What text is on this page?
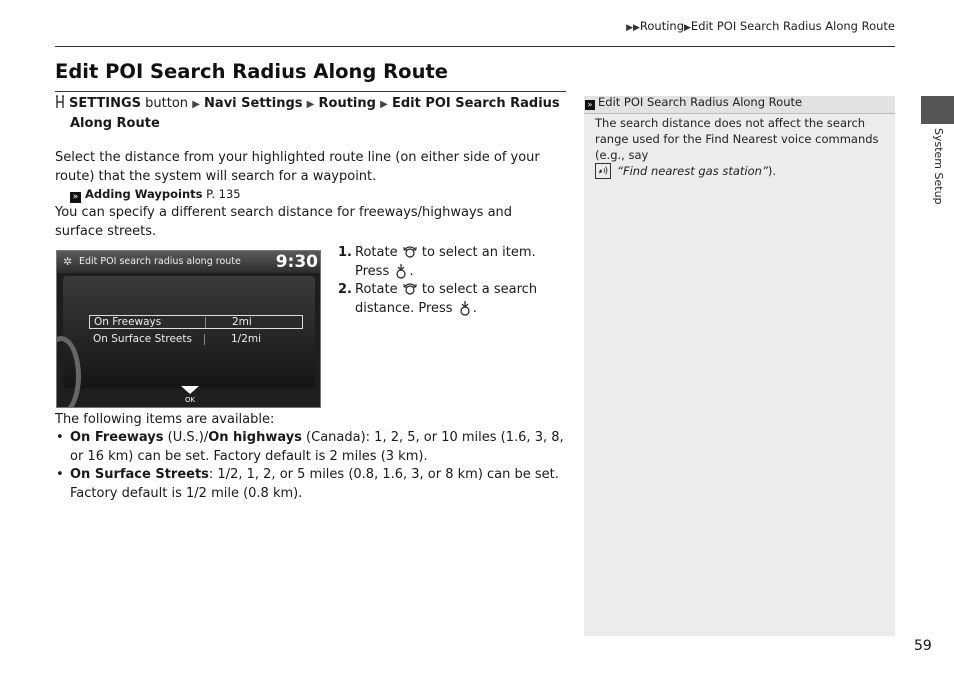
▶▶Routing▶Edit POI Search Radius Along Route
System Setup
Edit POI Search Radius Along Route
SETTINGS button ▶ Navi Settings ▶ Routing ▶ Edit POI Search Radius
Along Route
Select the distance from your highlighted route line (on either side of your route) that the system will search for a waypoint.
» Adding Waypoints P. 135
You can specify a different search distance for freeways/highways and surface streets.
✲ Edit POI search radius along route 9:30
On Freeways	2mi
On Surface Streets	1/2mi
OK
1. Rotate to select an item. Press .
2. Rotate to select a search distance. Press .
The following items are available:
• On Freeways (U.S.)/On highways (Canada): 1, 2, 5, or 10 miles (1.6, 3, 8, or 16 km) can be set. Factory default is 2 miles (3 km).
• On Surface Streets: 1/2, 1, 2, or 5 miles (0.8, 1.6, 3, or 8 km) can be set. Factory default is 1/2 mile (0.8 km).
» Edit POI Search Radius Along Route
The search distance does not affect the search range used for the Find Nearest voice commands (e.g., say
“Find nearest gas station”).
59
